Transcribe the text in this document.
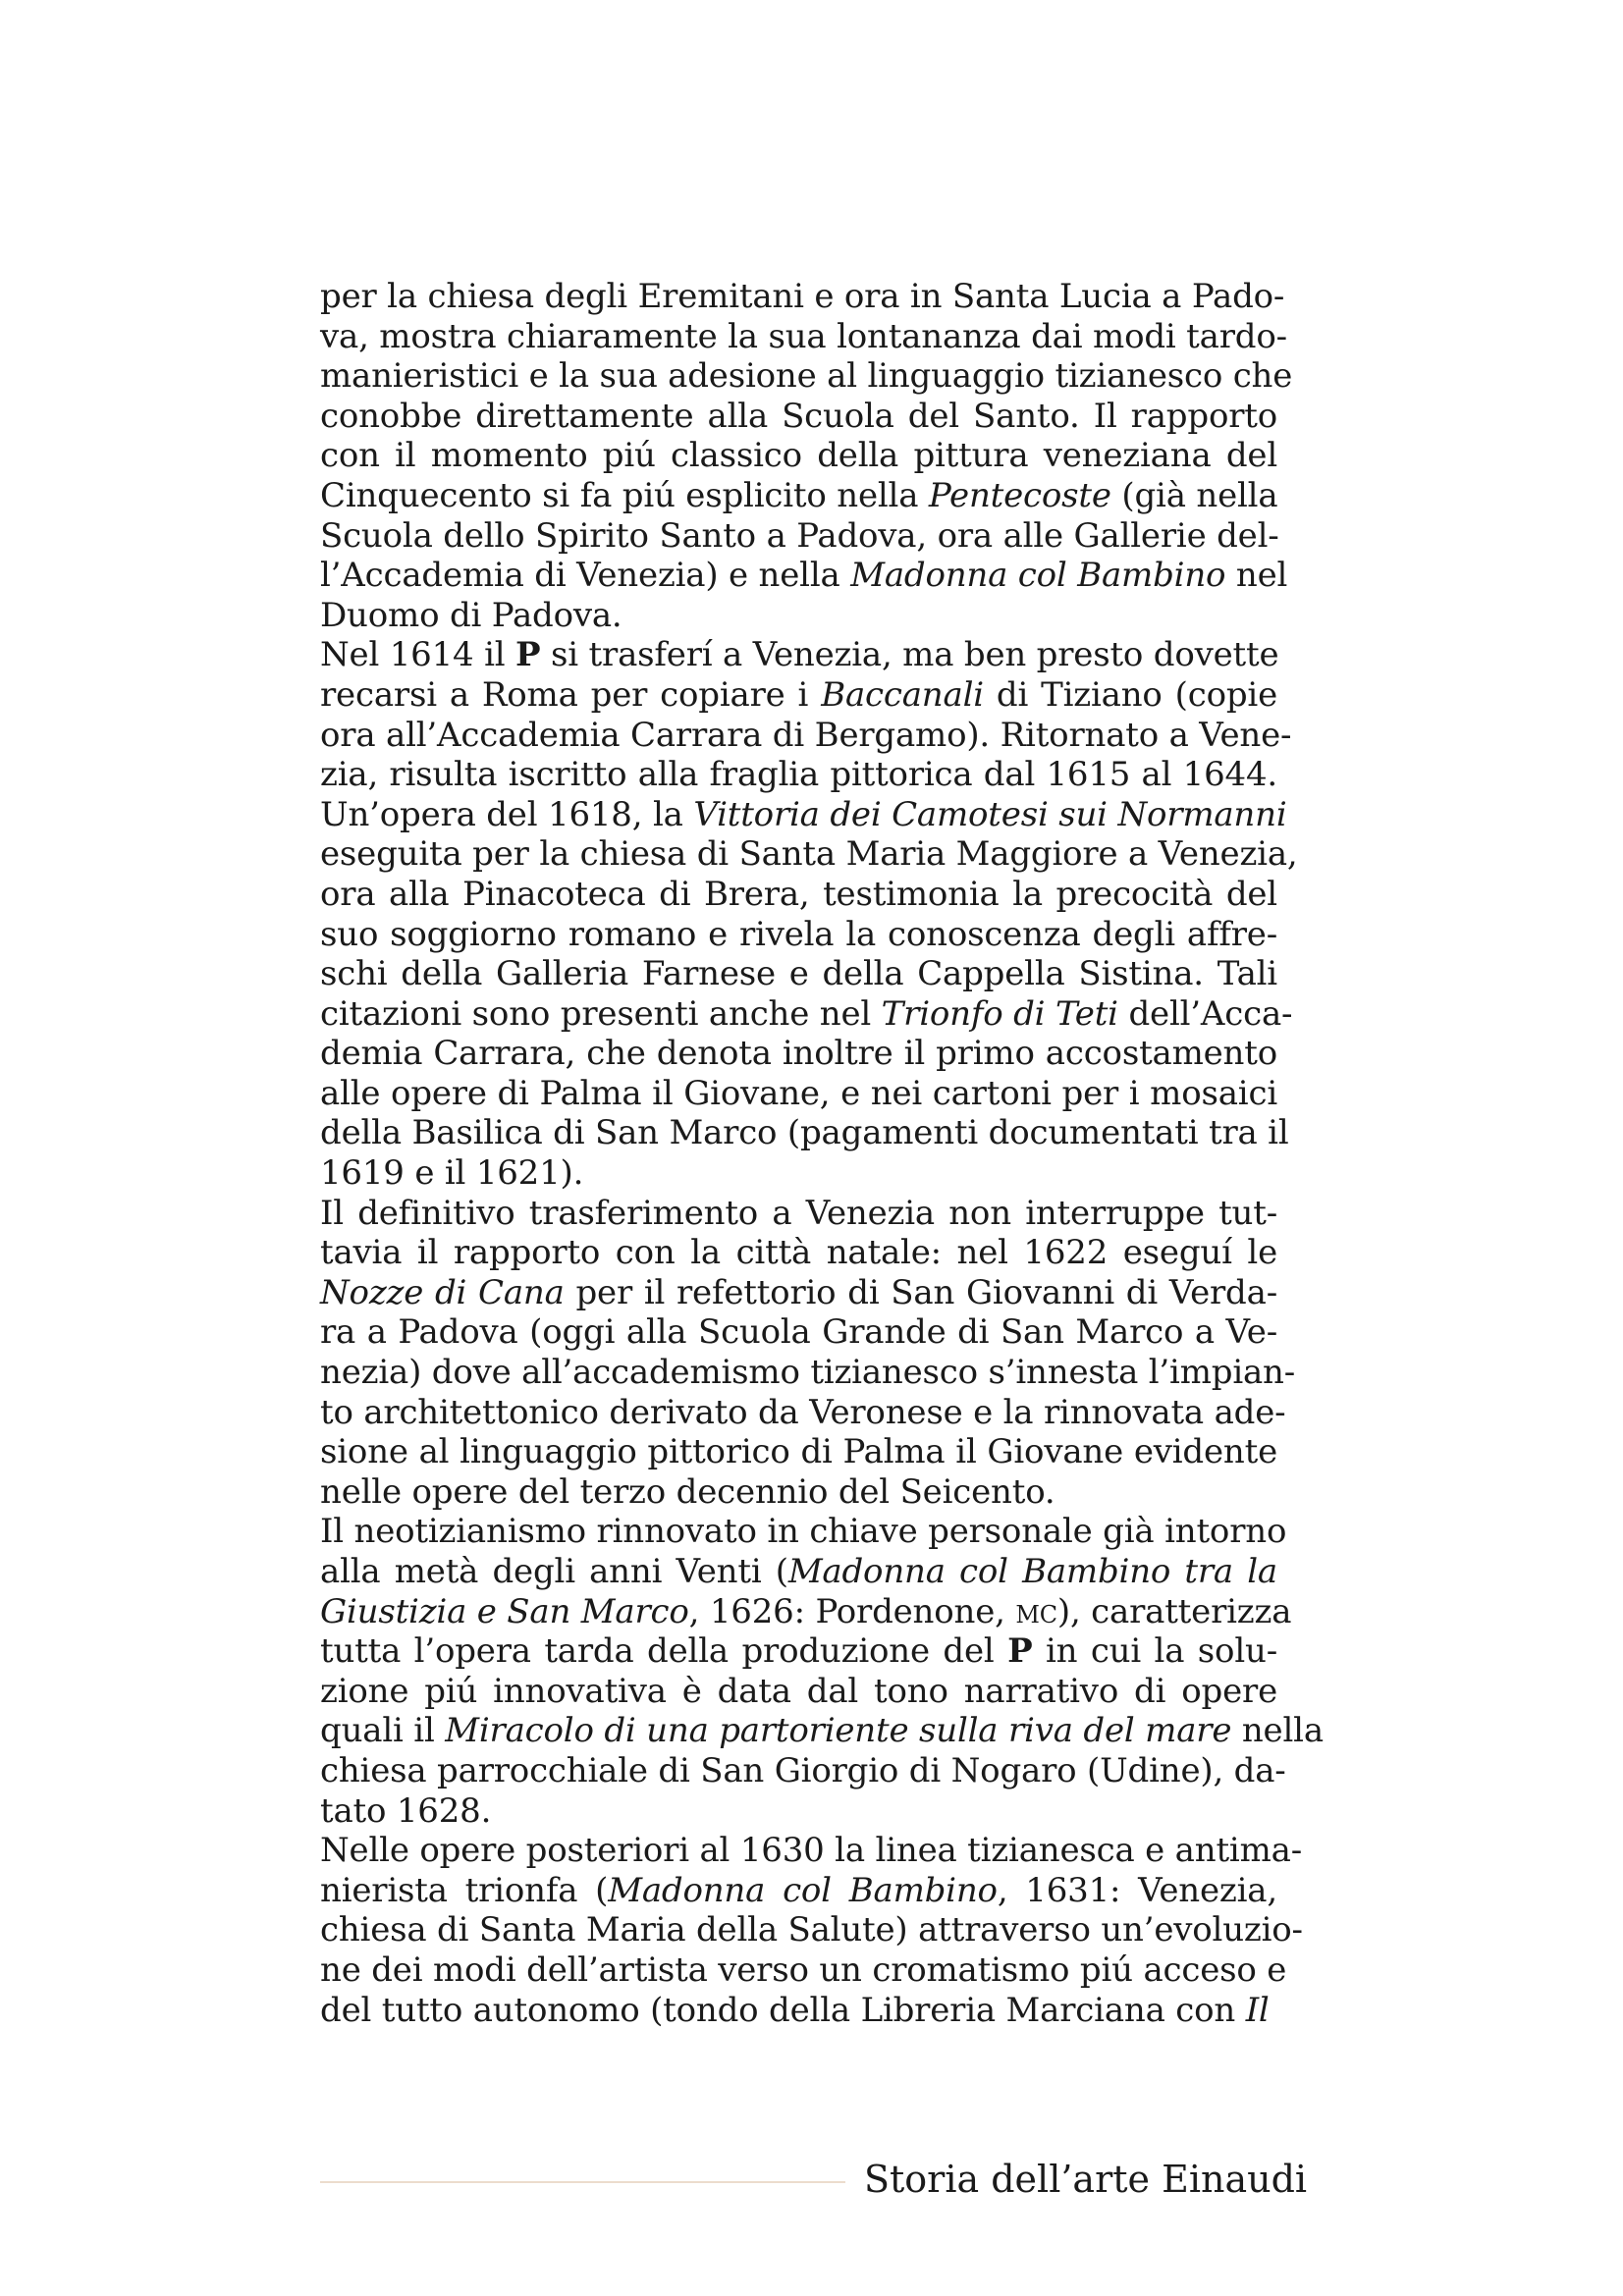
per la chiesa degli Eremitani e ora in Santa Lucia a Pado-
va, mostra chiaramente la sua lontananza dai modi tardo-
manieristici e la sua adesione al linguaggio tizianesco che
conobbe direttamente alla Scuola del Santo. Il rapporto
con il momento piú classico della pittura veneziana del
Cinquecento si fa piú esplicito nella Pentecoste (già nella
Scuola dello Spirito Santo a Padova, ora alle Gallerie del-
l’Accademia di Venezia) e nella Madonna col Bambino nel
Duomo di Padova.
Nel 1614 il P si trasferí a Venezia, ma ben presto dovette
recarsi a Roma per copiare i Baccanali di Tiziano (copie
ora all’Accademia Carrara di Bergamo). Ritornato a Vene-
zia, risulta iscritto alla fraglia pittorica dal 1615 al 1644.
Un’opera del 1618, la Vittoria dei Camotesi sui Normanni
eseguita per la chiesa di Santa Maria Maggiore a Venezia,
ora alla Pinacoteca di Brera, testimonia la precocità del
suo soggiorno romano e rivela la conoscenza degli affre-
schi della Galleria Farnese e della Cappella Sistina. Tali
citazioni sono presenti anche nel Trionfo di Teti dell’Acca-
demia Carrara, che denota inoltre il primo accostamento
alle opere di Palma il Giovane, e nei cartoni per i mosaici
della Basilica di San Marco (pagamenti documentati tra il
1619 e il 1621).
Il definitivo trasferimento a Venezia non interruppe tut-
tavia il rapporto con la città natale: nel 1622 eseguí le
Nozze di Cana per il refettorio di San Giovanni di Verda-
ra a Padova (oggi alla Scuola Grande di San Marco a Ve-
nezia) dove all’accademismo tizianesco s’innesta l’impian-
to architettonico derivato da Veronese e la rinnovata ade-
sione al linguaggio pittorico di Palma il Giovane evidente
nelle opere del terzo decennio del Seicento.
Il neotizianismo rinnovato in chiave personale già intorno
alla metà degli anni Venti (Madonna col Bambino tra la
Giustizia e San Marco, 1626: Pordenone, mc), caratterizza
tutta l’opera tarda della produzione del P in cui la solu-
zione piú innovativa è data dal tono narrativo di opere
quali il Miracolo di una partoriente sulla riva del mare nella
chiesa parrocchiale di San Giorgio di Nogaro (Udine), da-
tato 1628.
Nelle opere posteriori al 1630 la linea tizianesca e antima-
nierista trionfa (Madonna col Bambino, 1631: Venezia,
chiesa di Santa Maria della Salute) attraverso un’evoluzio-
ne dei modi dell’artista verso un cromatismo piú acceso e
del tutto autonomo (tondo della Libreria Marciana con Il
Storia dell’arte Einaudi
